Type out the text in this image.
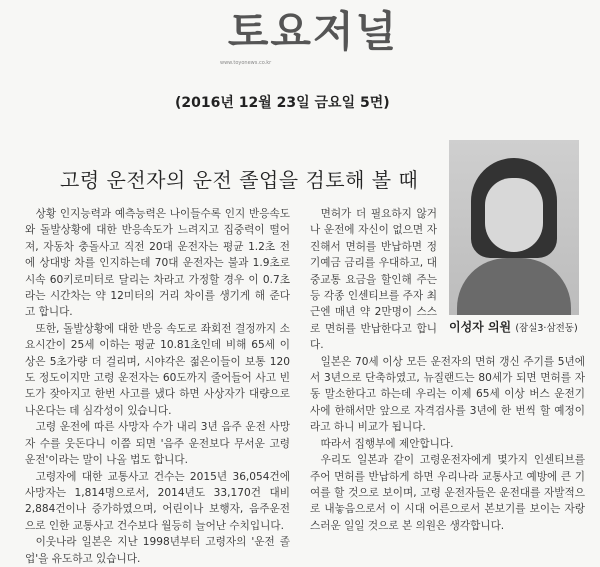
토요저널
www.toyonews.co.kr
(2016년 12월 23일 금요일 5면)
고령 운전자의 운전 졸업을 검토해 볼 때

상황 인지능력과 예측능력은 나이들수록 인지 반응속도와 돌발상황에 대한 반응속도가 느려지고 집중력이 떨어져, 자동차 충돌사고 직전 20대 운전자는 평균 1.2초 전에 상대방 차를 인지하는데 70대 운전자는 불과 1.9초로 시속 60키로미터로 달리는 차라고 가정할 경우 이 0.7초라는 시간차는 약 12미터의 거리 차이를 생기게 해 준다고 합니다.

또한, 돌발상황에 대한 반응 속도로 좌회전 결정까지 소요시간이 25세 이하는 평균 10.81초인데 비해 65세 이상은 5초가량 더 걸리며, 시야각은 젊은이들이 보통 120도 정도이지만 고령 운전자는 60도까지 줄어들어 사고 빈도가 잦아지고 한번 사고를 냈다 하면 사상자가 대량으로 나온다는 데 심각성이 있습니다.

고령 운전에 따른 사망자 수가 내리 3년 음주 운전 사망자 수를 웃돈다니 이쯤 되면 '음주 운전보다 무서운 고령 운전'이라는 말이 나올 법도 합니다.

고령자에 대한 교통사고 건수는 2015년 36,054건에 사망자는 1,814명으로서, 2014년도 33,170건 대비 2,884건이나 증가하였으며, 어린이나 보행자, 음주운전으로 인한 교통사고 건수보다 월등히 늘어난 수치입니다.

이웃나라 일본은 지난 1998년부터 고령자의 '운전 졸업'을 유도하고 있습니다.

이성자 의원 (잠실3·삼전동)

면허가 더 필요하지 않거나 운전에 자신이 없으면 자진해서 면허를 반납하면 정기예금 금리를 우대하고, 대중교통 요금을 할인해 주는 등 각종 인센티브를 주자 최근엔 매년 약 2만명이 스스로 면허를 반납한다고 합니다.

일본은 70세 이상 모든 운전자의 면허 갱신 주기를 5년에서 3년으로 단축하였고, 뉴질랜드는 80세가 되면 면허를 자동 말소한다고 하는데 우리는 이제 65세 이상 버스 운전기사에 한해서만 앞으로 자격검사를 3년에 한 번씩 할 예정이라고 하니 비교가 됩니다.

따라서 집행부에 제안합니다.

우리도 일본과 같이 고령운전자에게 몇가지 인센티브를 주어 면허를 반납하게 하면 우리나라 교통사고 예방에 큰 기여를 할 것으로 보이며, 고령 운전자들은 운전대를 자발적으로 내놓음으로서 이 시대 어른으로서 본보기를 보이는 자랑스러운 일일 것으로 본 의원은 생각합니다.
